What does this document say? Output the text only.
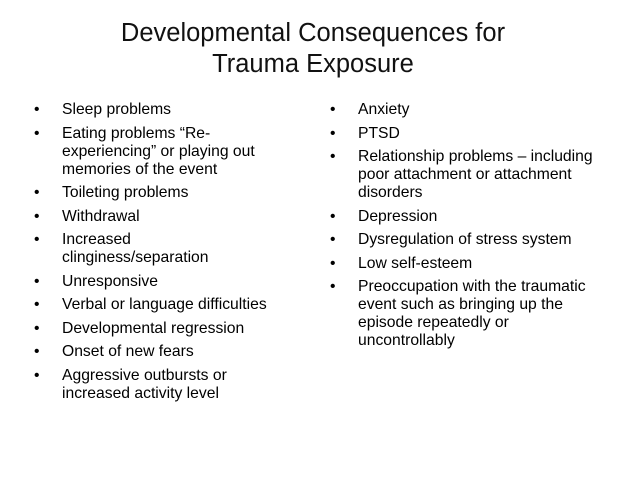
Developmental Consequences for
Trauma Exposure
•	Sleep problems
•	Eating problems “Re-experiencing” or playing out memories of the event
•	Toileting problems
•	Withdrawal
•	Increased clinginess/separation
•	Unresponsive
•	Verbal or language difficulties
•	Developmental regression
•	Onset of new fears
•	Aggressive outbursts or increased activity level
•	Anxiety
•	PTSD
•	Relationship problems – including poor attachment or attachment disorders
•	Depression
•	Dysregulation of stress system
•	Low self-esteem
•	Preoccupation with the traumatic event such as bringing up the episode repeatedly or uncontrollably
